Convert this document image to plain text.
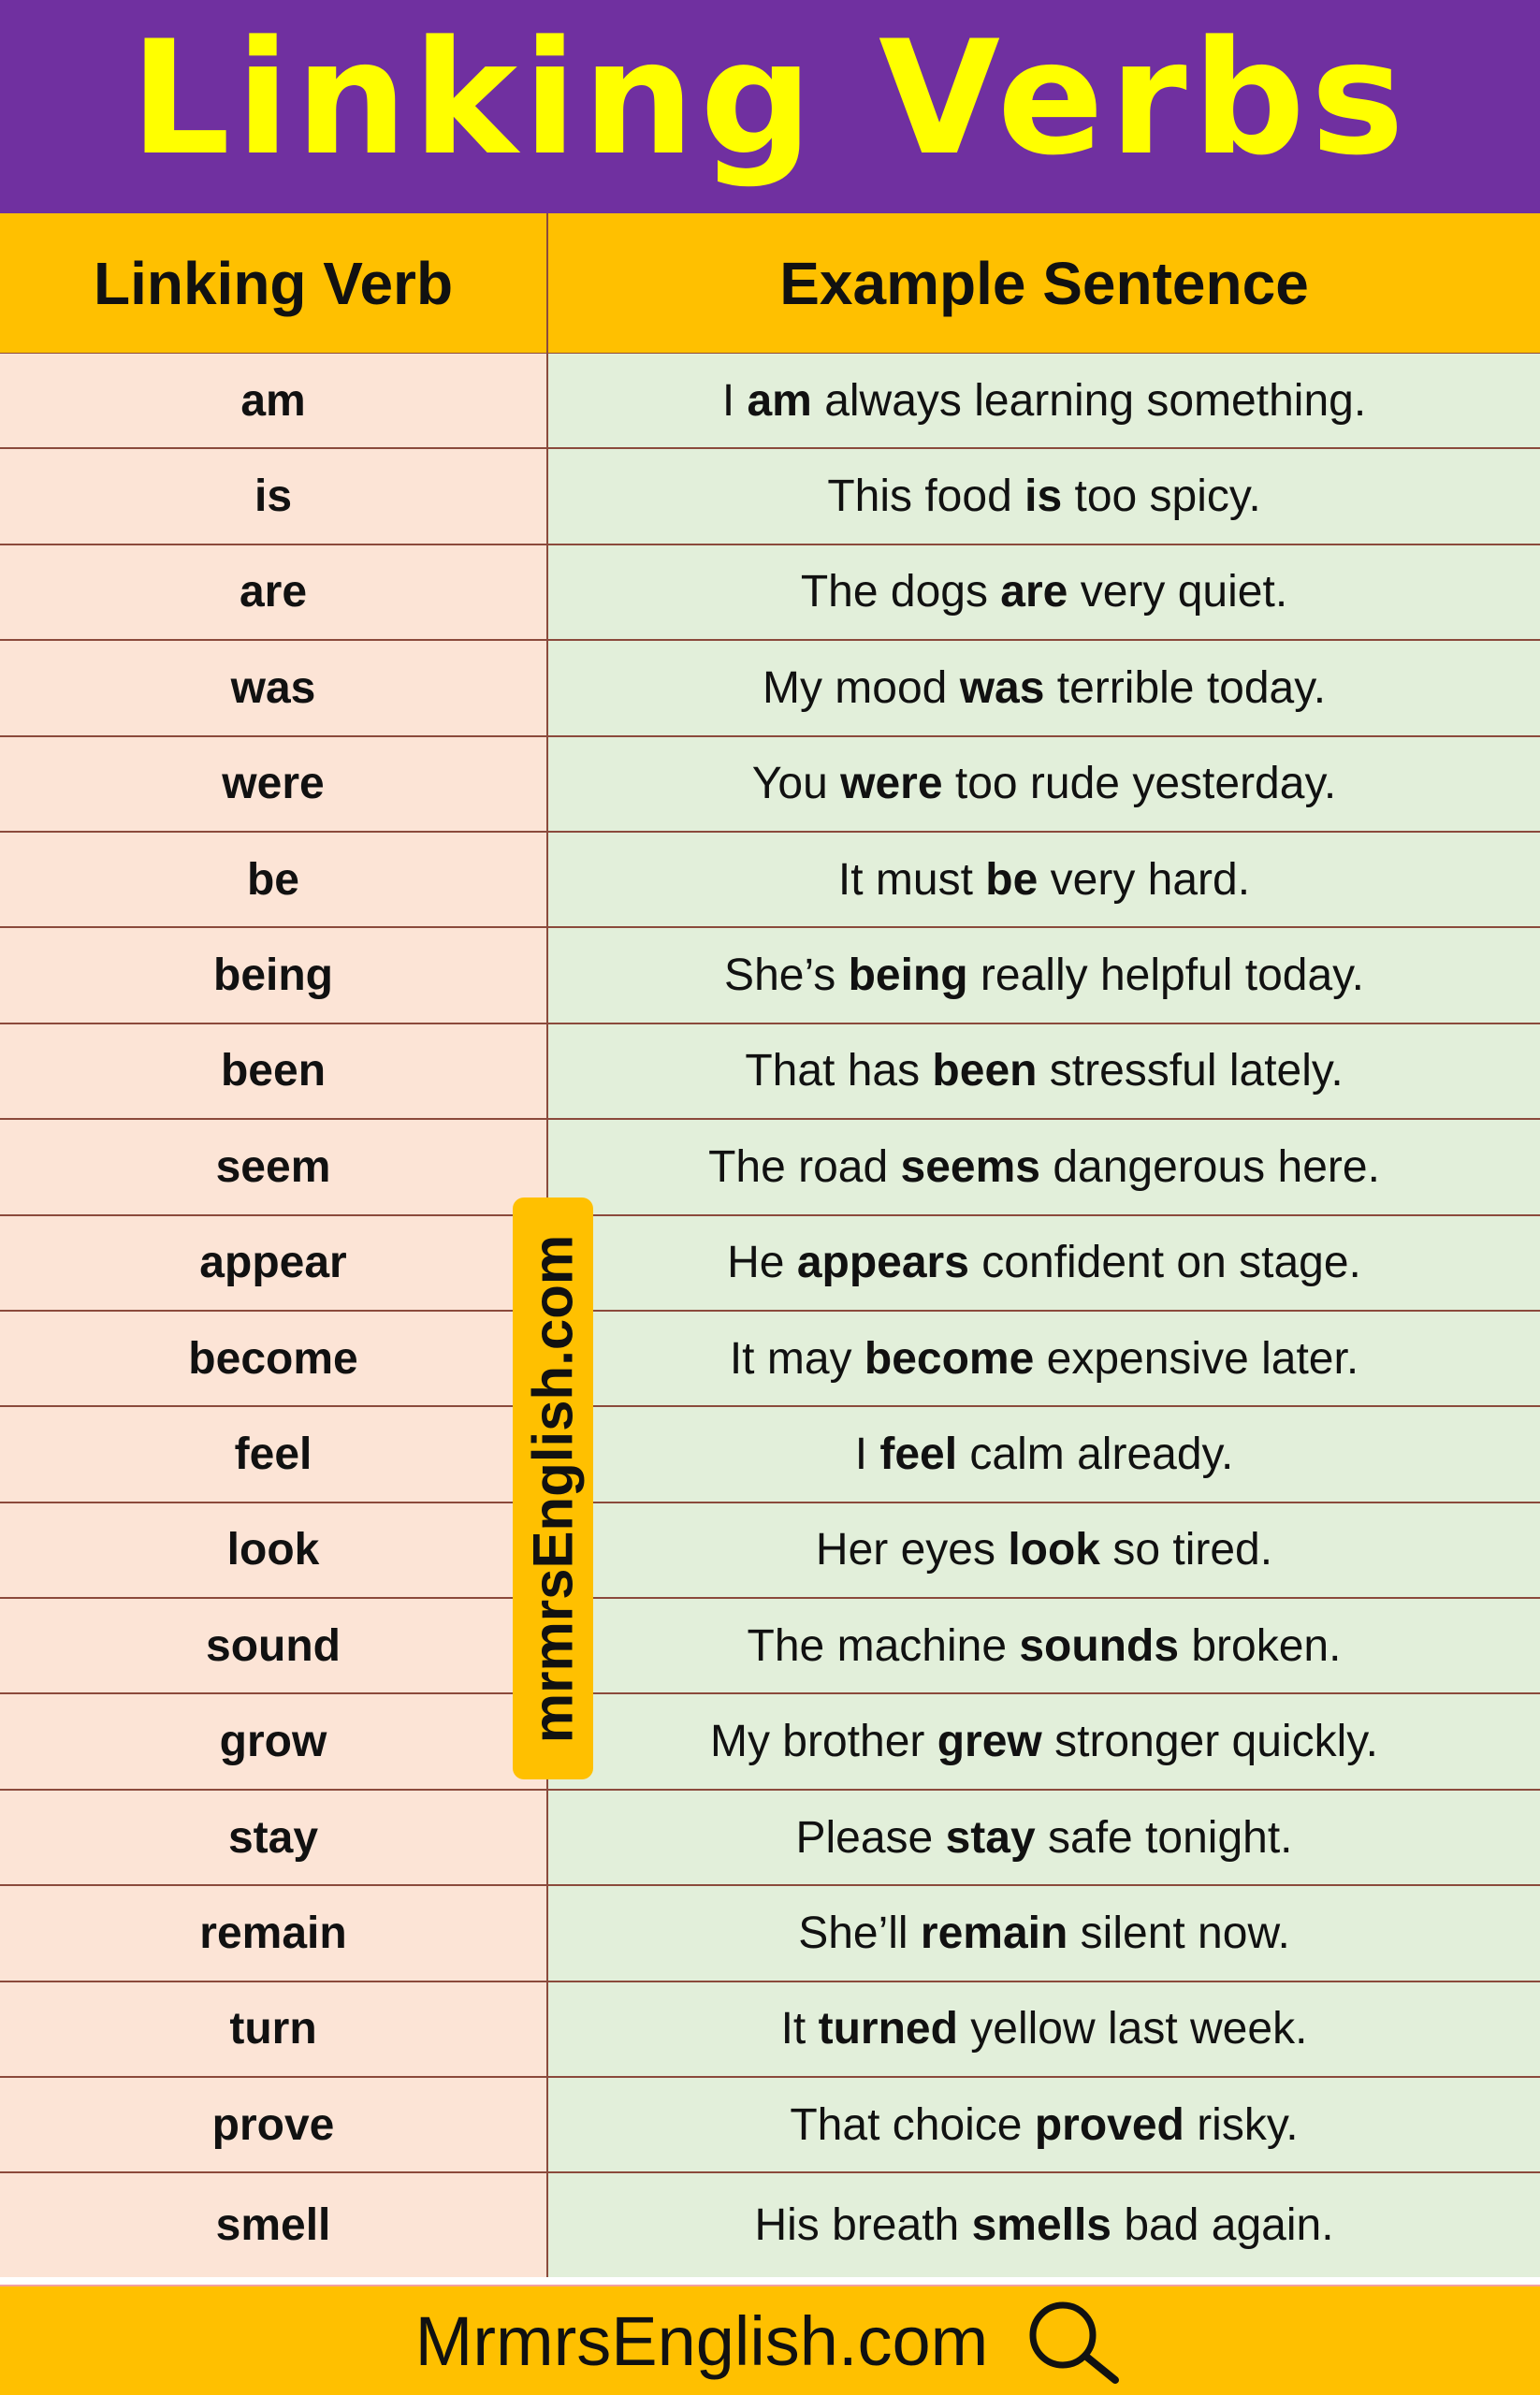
Linking Verbs
Linking Verb	Example Sentence
am	I am always learning something.
is	This food is too spicy.
are	The dogs are very quiet.
was	My mood was terrible today.
were	You were too rude yesterday.
be	It must be very hard.
being	She’s being really helpful today.
been	That has been stressful lately.
seem	The road seems dangerous here.
appear	He appears confident on stage.
become	It may become expensive later.
feel	I feel calm already.
look	Her eyes look so tired.
sound	The machine sounds broken.
grow	My brother grew stronger quickly.
stay	Please stay safe tonight.
remain	She’ll remain silent now.
turn	It turned yellow last week.
prove	That choice proved risky.
smell	His breath smells bad again.
mrmrsEnglish.com
MrmrsEnglish.com
